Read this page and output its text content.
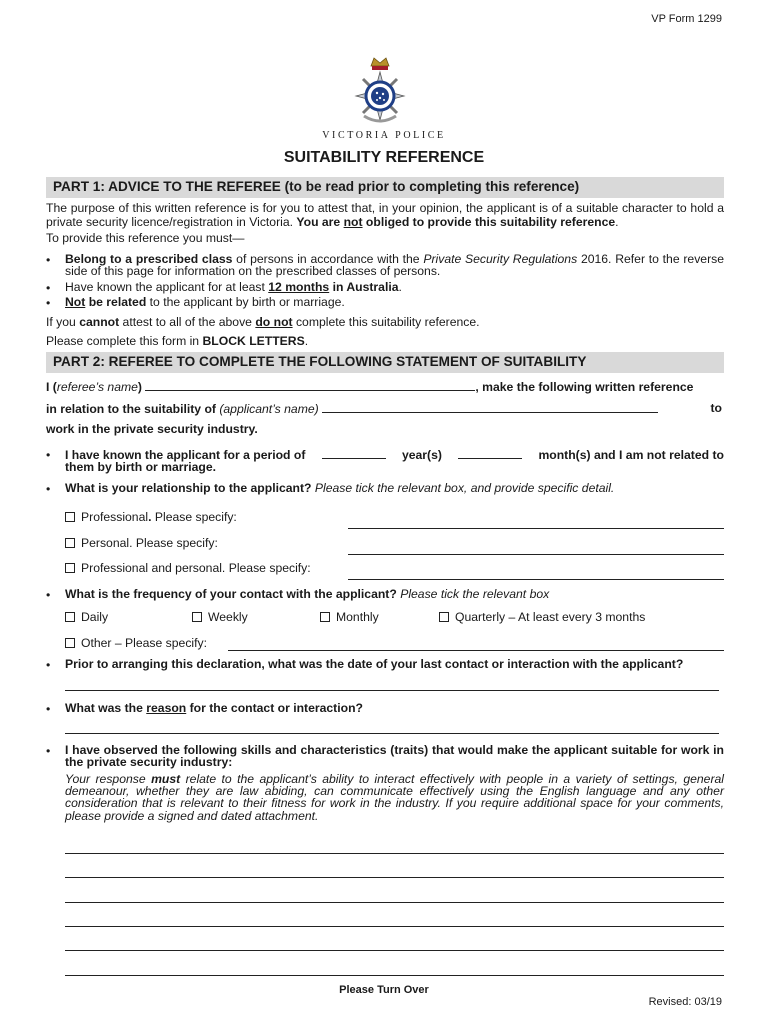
VP Form 1299
VICTORIA POLICE
SUITABILITY REFERENCE
PART 1: ADVICE TO THE REFEREE (to be read prior to completing this reference)
The purpose of this written reference is for you to attest that, in your opinion, the applicant is of a suitable character to hold a private security licence/registration in Victoria. You are not obliged to provide this suitability reference.
To provide this reference you must—
• Belong to a prescribed class of persons in accordance with the Private Security Regulations 2016. Refer to the reverse side of this page for information on the prescribed classes of persons.
• Have known the applicant for at least 12 months in Australia.
• Not be related to the applicant by birth or marriage.
If you cannot attest to all of the above do not complete this suitability reference.
Please complete this form in BLOCK LETTERS.
PART 2: REFEREE TO COMPLETE THE FOLLOWING STATEMENT OF SUITABILITY
I (referee’s name)	, make the following written reference
in relation to the suitability of (applicant’s name)	to
work in the private security industry.
• I have known the applicant for a period of	year(s)	month(s) and I am not related to
them by birth or marriage.
• What is your relationship to the applicant? Please tick the relevant box, and provide specific detail.
Professional. Please specify:
Personal. Please specify:
Professional and personal. Please specify:
• What is the frequency of your contact with the applicant? Please tick the relevant box
Daily	Weekly	Monthly	Quarterly – At least every 3 months
Other – Please specify:
• Prior to arranging this declaration, what was the date of your last contact or interaction with the applicant?
• What was the reason for the contact or interaction?
• I have observed the following skills and characteristics (traits) that would make the applicant suitable for work in the private security industry:
Your response must relate to the applicant’s ability to interact effectively with people in a variety of settings, general demeanour, whether they are law abiding, can communicate effectively using the English language and any other consideration that is relevant to their fitness for work in the industry. If you require additional space for your comments, please provide a signed and dated attachment.
Please Turn Over
Revised: 03/19
